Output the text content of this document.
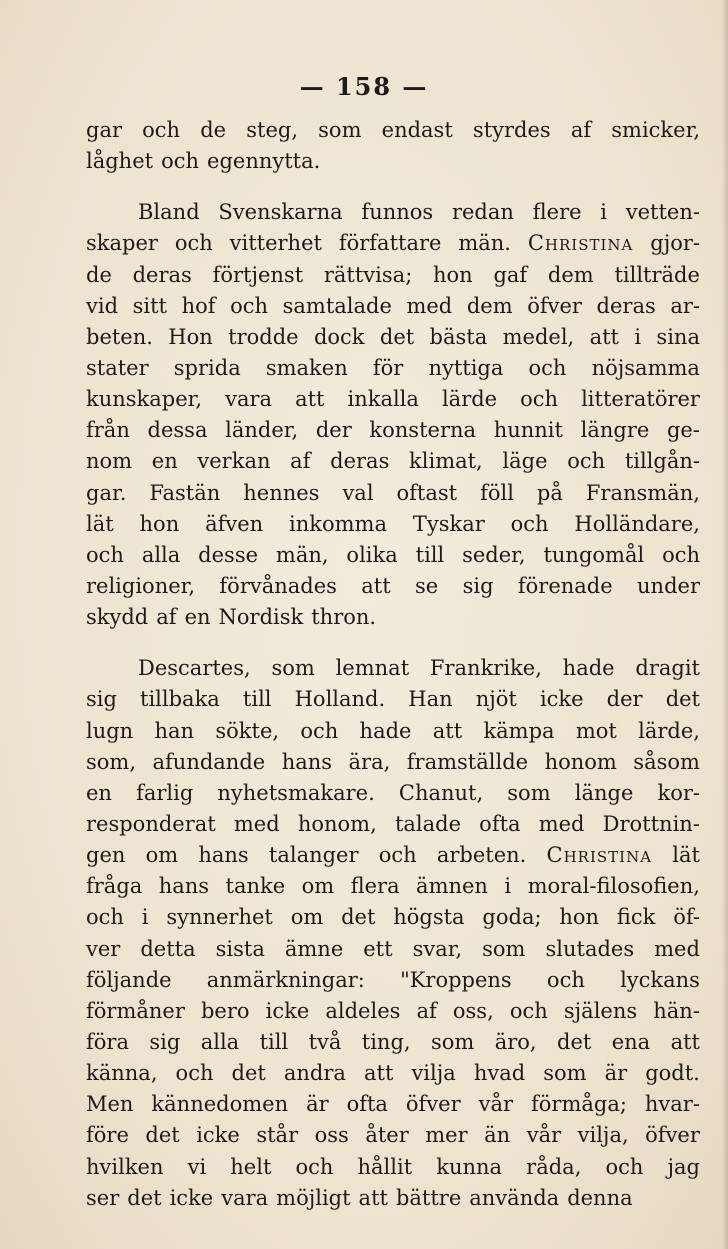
— 158 —
gar och de steg, som endast styrdes af smicker,
låghet och egennytta.
Bland Svenskarna funnos redan flere i vetten-
skaper och vitterhet författare män. Christina gjor-
de deras förtjenst rättvisa; hon gaf dem tillträde
vid sitt hof och samtalade med dem öfver deras ar-
beten. Hon trodde dock det bästa medel, att i sina
stater sprida smaken för nyttiga och nöjsamma
kunskaper, vara att inkalla lärde och litteratörer
från dessa länder, der konsterna hunnit längre ge-
nom en verkan af deras klimat, läge och tillgån-
gar. Fastän hennes val oftast föll på Fransmän,
lät hon äfven inkomma Tyskar och Holländare,
och alla desse män, olika till seder, tungomål och
religioner, förvånades att se sig förenade under
skydd af en Nordisk thron.
Descartes, som lemnat Frankrike, hade dragit
sig tillbaka till Holland. Han njöt icke der det
lugn han sökte, och hade att kämpa mot lärde,
som, afundande hans ära, framställde honom såsom
en farlig nyhetsmakare. Chanut, som länge kor-
responderat med honom, talade ofta med Drottnin-
gen om hans talanger och arbeten. Christina lät
fråga hans tanke om flera ämnen i moral-filosofien,
och i synnerhet om det högsta goda; hon fick öf-
ver detta sista ämne ett svar, som slutades med
följande anmärkningar: "Kroppens och lyckans
förmåner bero icke aldeles af oss, och själens hän-
föra sig alla till två ting, som äro, det ena att
känna, och det andra att vilja hvad som är godt.
Men kännedomen är ofta öfver vår förmåga; hvar-
före det icke står oss åter mer än vår vilja, öfver
hvilken vi helt och hållit kunna råda, och jag
ser det icke vara möjligt att bättre använda denna
